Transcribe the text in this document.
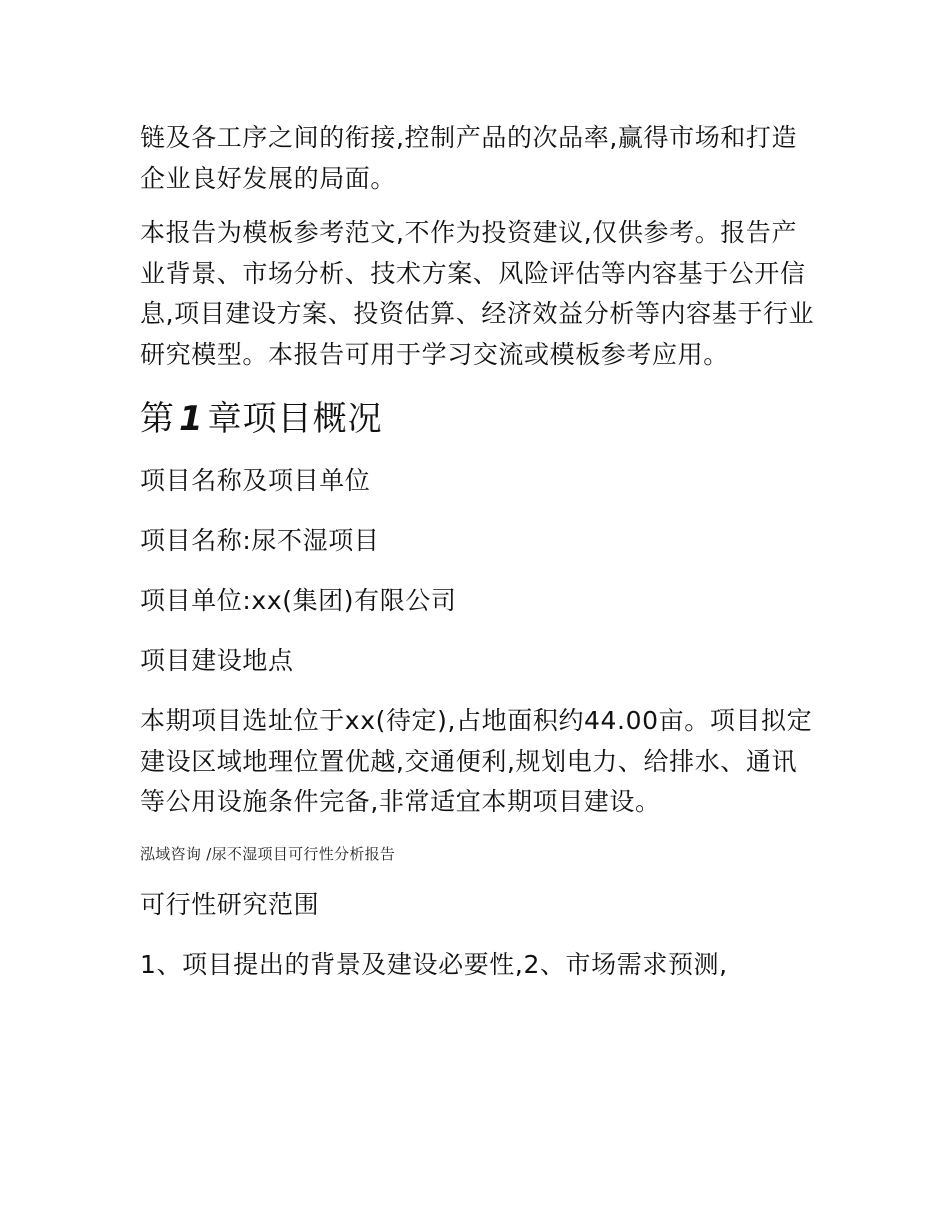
链及各工序之间的衔接,控制产品的次品率,赢得市场和打造企业良好发展的局面。

本报告为模板参考范文,不作为投资建议,仅供参考。报告产业背景、市场分析、技术方案、风险评估等内容基于公开信息,项目建设方案、投资估算、经济效益分析等内容基于行业研究模型。本报告可用于学习交流或模板参考应用。

第 1 章项目概况

项目名称及项目单位

项目名称:尿不湿项目

项目单位:xx(集团)有限公司

项目建设地点

本期项目选址位于xx(待定),占地面积约44.00亩。项目拟定建设区域地理位置优越,交通便利,规划电力、给排水、通讯等公用设施条件完备,非常适宜本期项目建设。

泓域咨询 /尿不湿项目可行性分析报告

可行性研究范围

1、项目提出的背景及建设必要性,2、市场需求预测,
